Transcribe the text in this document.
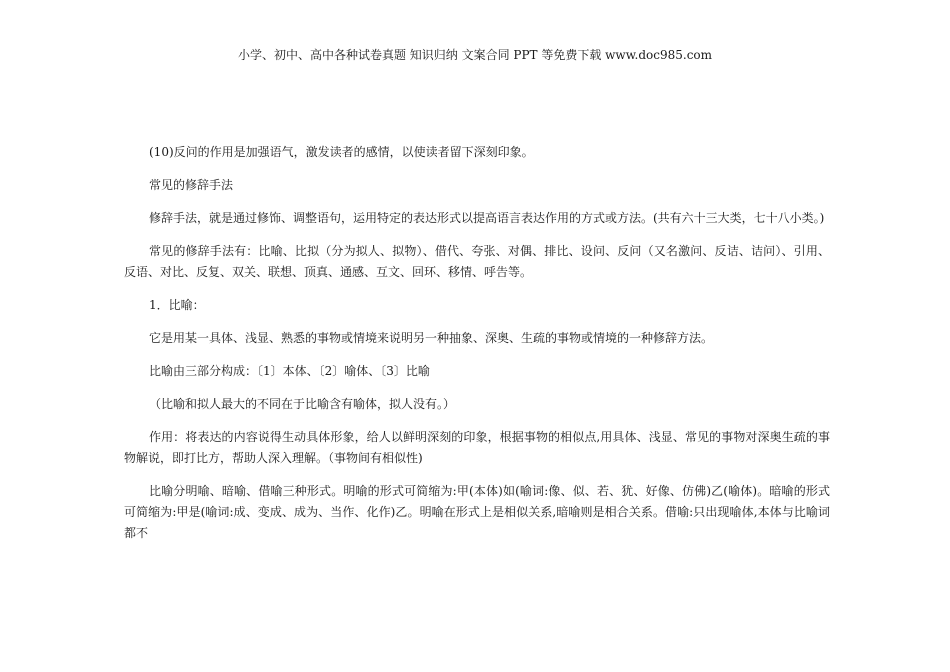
小学、初中、高中各种试卷真题 知识归纳 文案合同 PPT 等免费下载 www.doc985.com

(10)反问的作用是加强语气，激发读者的感情，以使读者留下深刻印象。

常见的修辞手法

修辞手法，就是通过修饰、调整语句，运用特定的表达形式以提高语言表达作用的方式或方法。(共有六十三大类，七十八小类。)

常见的修辞手法有：比喻、比拟（分为拟人、拟物）、借代、夸张、对偶、排比、设问、反问（又名激问、反诘、诘问）、引用、反语、对比、反复、双关、联想、顶真、通感、互文、回环、移情、呼告等。

1．比喻：

它是用某一具体、浅显、熟悉的事物或情境来说明另一种抽象、深奥、生疏的事物或情境的一种修辞方法。

比喻由三部分构成：〔1〕本体、〔2〕喻体、〔3〕比喻

（比喻和拟人最大的不同在于比喻含有喻体，拟人没有。）

作用：将表达的内容说得生动具体形象，给人以鲜明深刻的印象，根据事物的相似点,用具体、浅显、常见的事物对深奥生疏的事物解说，即打比方，帮助人深入理解。（事物间有相似性)

比喻分明喻、暗喻、借喻三种形式。明喻的形式可简缩为:甲(本体)如(喻词:像、似、若、犹、好像、仿佛)乙(喻体)。暗喻的形式可简缩为:甲是(喻词:成、变成、成为、当作、化作)乙。明喻在形式上是相似关系,暗喻则是相合关系。借喻:只出现喻体,本体与比喻词都不
